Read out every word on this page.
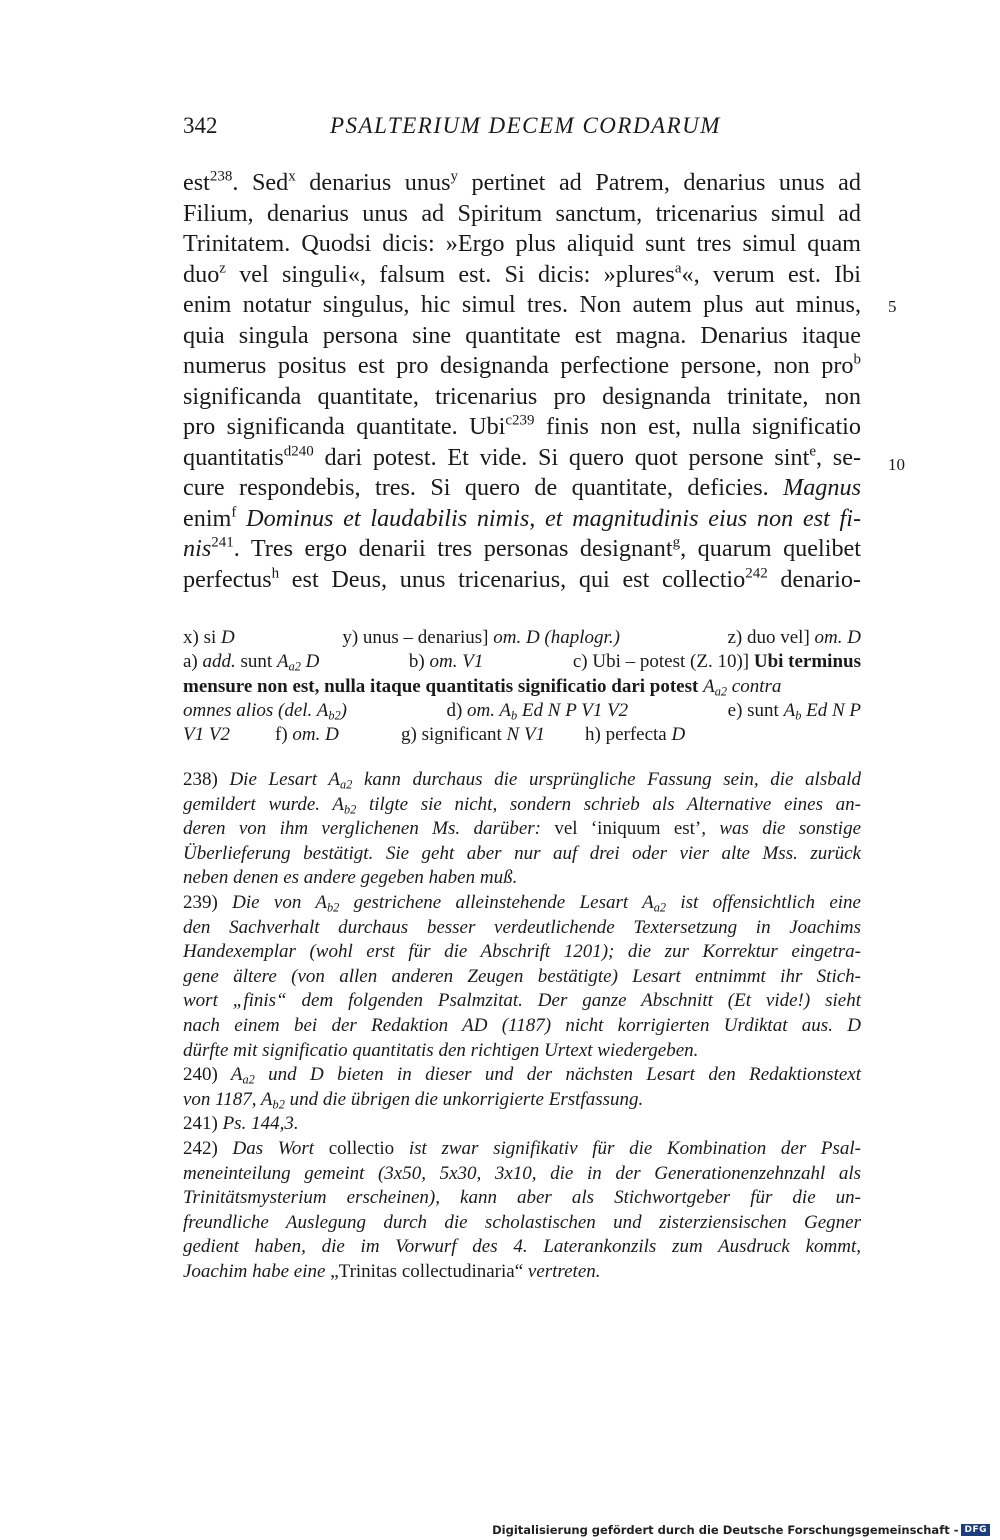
342	PSALTERIUM DECEM CORDARUM
est$^{238}$. Sed$^x$ denarius unus$^y$ pertinet ad Patrem, denarius unus ad
Filium, denarius unus ad Spiritum sanctum, tricenarius simul ad
Trinitatem. Quodsi dicis: »Ergo plus aliquid sunt tres simul quam
duo$^z$ vel singuli«, falsum est. Si dicis: »plures$^a$«, verum est. Ibi
enim notatur singulus, hic simul tres. Non autem plus aut minus,
quia singula persona sine quantitate est magna. Denarius itaque
numerus positus est pro designanda perfectione persone, non pro$^b$
significanda quantitate, tricenarius pro designanda trinitate, non
pro significanda quantitate. Ubi$^{c239}$ finis non est, nulla significatio
quantitatis$^{d240}$ dari potest. Et vide. Si quero quot persone sint$^e$, se-
cure respondebis, tres. Si quero de quantitate, deficies. Magnus
enim$^f$ Dominus et laudabilis nimis, et magnitudinis eius non est fi-
nis$^{241}$. Tres ergo denarii tres personas designant$^g$, quarum quelibet
perfectus$^h$ est Deus, unus tricenarius, qui est collectio$^{242}$ denario-
5
10
x) si D	y) unus – denarius] om. D (haplogr.)	z) duo vel] om. D
a) add. sunt $A_{a2}$ D	b) om. V1	c) Ubi – potest (Z. 10)] Ubi terminus
mensure non est, nulla itaque quantitatis significatio dari potest $A_{a2}$ contra
omnes alios (del. $A_{b2}$)	d) om. $A_b$ Ed N P V1 V2	e) sunt $A_b$ Ed N P
V1 V2	f) om. D	g) significant N V1	h) perfecta D
238) Die Lesart $A_{a2}$ kann durchaus die ursprüngliche Fassung sein, die alsbald
gemildert wurde. $A_{b2}$ tilgte sie nicht, sondern schrieb als Alternative eines an-
deren von ihm verglichenen Ms. darüber: vel ‘iniquum est’, was die sonstige
Überlieferung bestätigt. Sie geht aber nur auf drei oder vier alte Mss. zurück
neben denen es andere gegeben haben muß.
239) Die von $A_{b2}$ gestrichene alleinstehende Lesart $A_{a2}$ ist offensichtlich eine
den Sachverhalt durchaus besser verdeutlichende Textersetzung in Joachims
Handexemplar (wohl erst für die Abschrift 1201); die zur Korrektur eingetra-
gene ältere (von allen anderen Zeugen bestätigte) Lesart entnimmt ihr Stich-
wort „finis“ dem folgenden Psalmzitat. Der ganze Abschnitt (Et vide!) sieht
nach einem bei der Redaktion AD (1187) nicht korrigierten Urdiktat aus. D
dürfte mit significatio quantitatis den richtigen Urtext wiedergeben.
240) $A_{a2}$ und D bieten in dieser und der nächsten Lesart den Redaktionstext
von 1187, $A_{b2}$ und die übrigen die unkorrigierte Erstfassung.
241) Ps. 144,3.
242) Das Wort collectio ist zwar signifikativ für die Kombination der Psal-
meneinteilung gemeint (3x50, 5x30, 3x10, die in der Generationenzehnzahl als
Trinitätsmysterium erscheinen), kann aber als Stichwortgeber für die un-
freundliche Auslegung durch die scholastischen und zisterziensischen Gegner
gedient haben, die im Vorwurf des 4. Laterankonzils zum Ausdruck kommt,
Joachim habe eine „Trinitas collectudinaria“ vertreten.
Digitalisierung gefördert durch die Deutsche Forschungsgemeinschaft - DFG
